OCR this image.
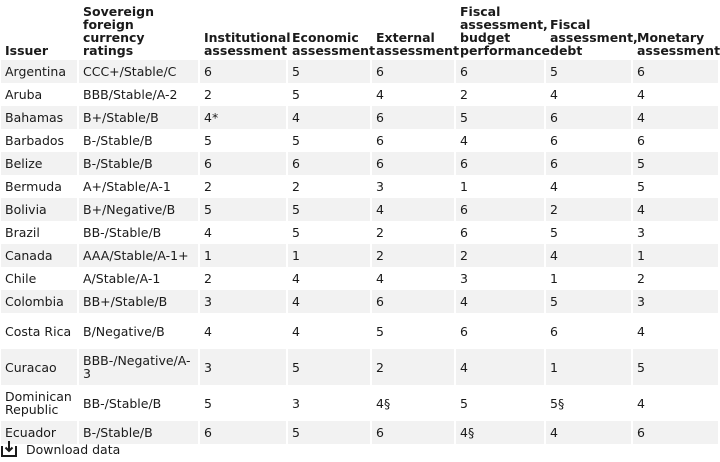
Issuer	Sovereign foreign currency ratings	Institutional assessment	Economic assessment	External assessment	Fiscal assessment, budget performance	Fiscal assessment, debt	Monetary assessment
Argentina	CCC+/Stable/C	6	5	6	6	5	6
Aruba	BBB/Stable/A-2	2	5	4	2	4	4
Bahamas	B+/Stable/B	4*	4	6	5	6	4
Barbados	B-/Stable/B	5	5	6	4	6	6
Belize	B-/Stable/B	6	6	6	6	6	5
Bermuda	A+/Stable/A-1	2	2	3	1	4	5
Bolivia	B+/Negative/B	5	5	4	6	2	4
Brazil	BB-/Stable/B	4	5	2	6	5	3
Canada	AAA/Stable/A-1+	1	1	2	2	4	1
Chile	A/Stable/A-1	2	4	4	3	1	2
Colombia	BB+/Stable/B	3	4	6	4	5	3
Costa Rica	B/Negative/B	4	4	5	6	6	4
Curacao	BBB-/Negative/A-3	3	5	2	4	1	5
Dominican Republic	BB-/Stable/B	5	3	4§	5	5§	4
Ecuador	B-/Stable/B	6	5	6	4§	4	6
Download data
